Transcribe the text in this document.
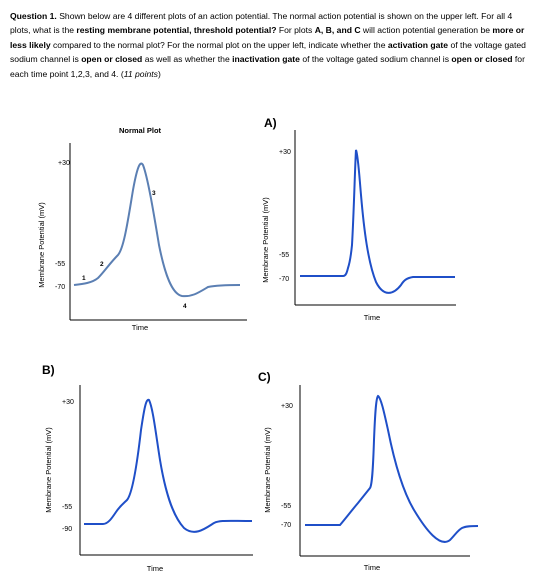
Question 1. Shown below are 4 different plots of an action potential. The normal action potential is shown on the upper left. For all 4 plots, what is the resting membrane potential, threshold potential? For plots A, B, and C will action potential generation be more or less likely compared to the normal plot? For the normal plot on the upper left, indicate whether the activation gate of the voltage gated sodium channel is open or closed as well as whether the inactivation gate of the voltage gated sodium channel is open or closed for each time point 1,2,3, and 4. (11 points)

Normal Plot
Membrane Potential (mV)
+30
-55
-70
1
2
3
4
Time
A)
Membrane Potential (mV)
+30
-55
-70
Time
B)
Membrane Potential (mV)
+30
-55
-90
Time
C)
Membrane Potential (mV)
+30
-55
-70
Time
